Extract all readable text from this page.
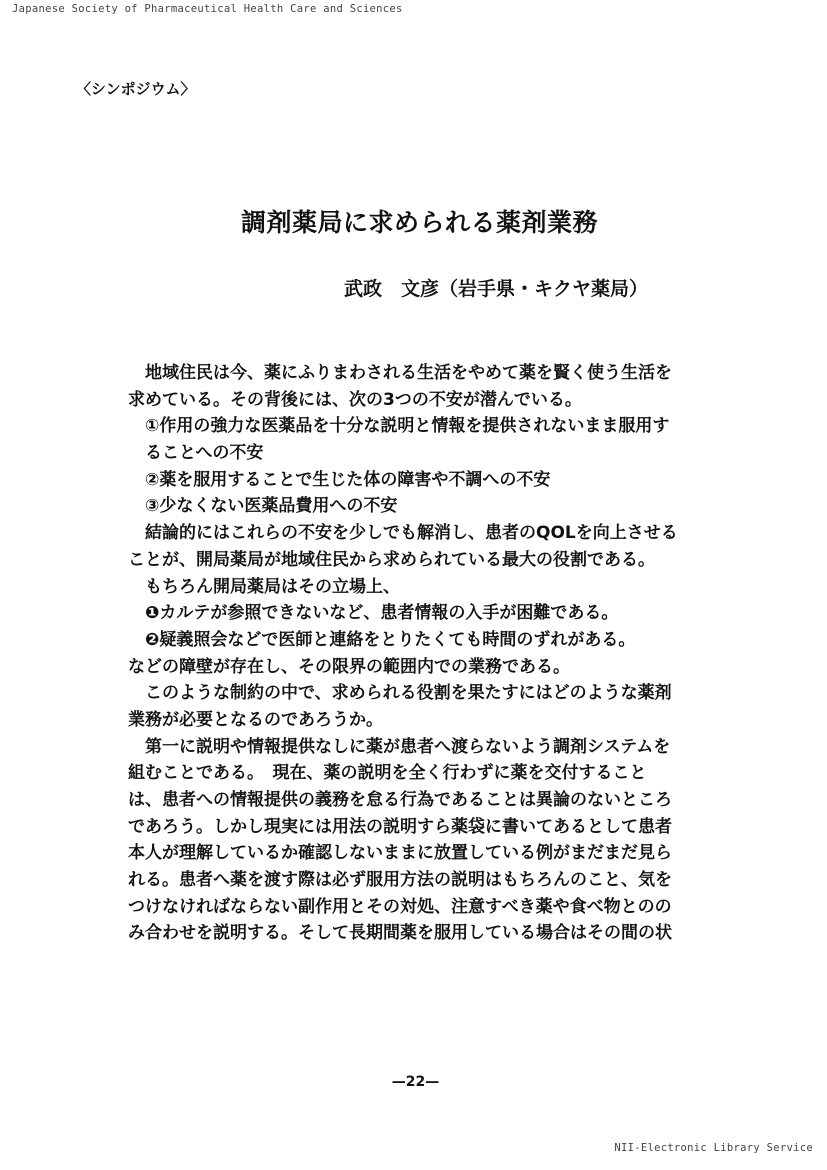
Japanese Society of Pharmaceutical Health Care and Sciences
〈シンポジウム〉
調剤薬局に求められる薬剤業務
武政　文彦（岩手県・キクヤ薬局）
　地域住民は今、薬にふりまわされる生活をやめて薬を賢く使う生活を
求めている。その背後には、次の3つの不安が潜んでいる。
　①作用の強力な医薬品を十分な説明と情報を提供されないまま服用す
　ることへの不安
　②薬を服用することで生じた体の障害や不調への不安
　③少なくない医薬品費用への不安
　結論的にはこれらの不安を少しでも解消し、患者のQOLを向上させる
ことが、開局薬局が地域住民から求められている最大の役割である。
　もちろん開局薬局はその立場上、
　❶カルテが参照できないなど、患者情報の入手が困難である。
　❷疑義照会などで医師と連絡をとりたくても時間のずれがある。
などの障壁が存在し、その限界の範囲内での業務である。
　このような制約の中で、求められる役割を果たすにはどのような薬剤
業務が必要となるのであろうか。
　第一に説明や情報提供なしに薬が患者へ渡らないよう調剤システムを
組むことである。　現在、薬の説明を全く行わずに薬を交付すること
は、患者への情報提供の義務を怠る行為であることは異論のないところ
であろう。しかし現実には用法の説明すら薬袋に書いてあるとして患者
本人が理解しているか確認しないままに放置している例がまだまだ見ら
れる。患者へ薬を渡す際は必ず服用方法の説明はもちろんのこと、気を
つけなければならない副作用とその対処、注意すべき薬や食べ物とのの
み合わせを説明する。そして長期間薬を服用している場合はその間の状
—22—
NII-Electronic Library Service
